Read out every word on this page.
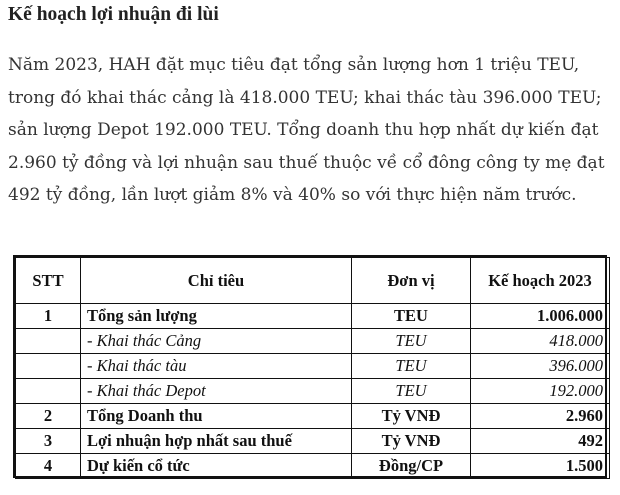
Kế hoạch lợi nhuận đi lùi
Năm 2023, HAH đặt mục tiêu đạt tổng sản lượng hơn 1 triệu TEU, trong đó khai thác cảng là 418.000 TEU; khai thác tàu 396.000 TEU; sản lượng Depot 192.000 TEU. Tổng doanh thu hợp nhất dự kiến đạt 2.960 tỷ đồng và lợi nhuận sau thuế thuộc về cổ đông công ty mẹ đạt 492 tỷ đồng, lần lượt giảm 8% và 40% so với thực hiện năm trước.
STT	Chỉ tiêu	Đơn vị	Kế hoạch 2023
1	Tổng sản lượng	TEU	1.006.000
	- Khai thác Cảng	TEU	418.000
	- Khai thác tàu	TEU	396.000
	- Khai thác Depot	TEU	192.000
2	Tổng Doanh thu	Tỷ VNĐ	2.960
3	Lợi nhuận hợp nhất sau thuế	Tỷ VNĐ	492
4	Dự kiến cổ tức	Đồng/CP	1.500
